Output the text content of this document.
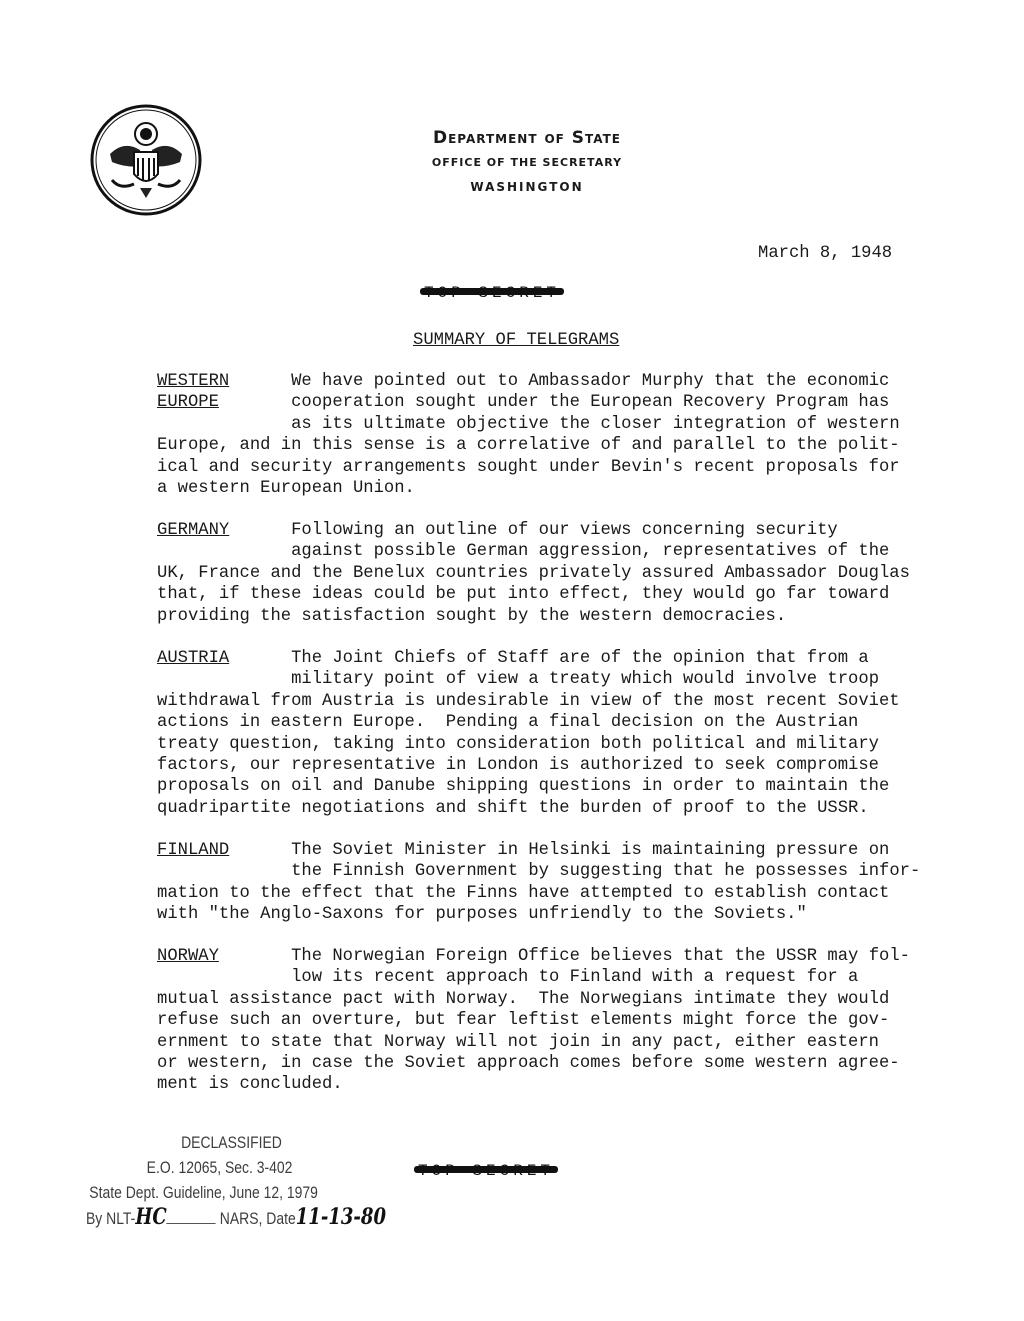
Department of State
OFFICE OF THE SECRETARY
WASHINGTON
March 8, 1948
SUMMARY OF TELEGRAMS
WESTERN	We have pointed out to Ambassador Murphy that the economic
EUROPE	cooperation sought under the European Recovery Program has
as its ultimate objective the closer integration of western
Europe, and in this sense is a correlative of and parallel to the polit-
ical and security arrangements sought under Bevin's recent proposals for
a western European Union.
GERMANY	Following an outline of our views concerning security
against possible German aggression, representatives of the
UK, France and the Benelux countries privately assured Ambassador Douglas
that, if these ideas could be put into effect, they would go far toward
providing the satisfaction sought by the western democracies.
AUSTRIA	The Joint Chiefs of Staff are of the opinion that from a
military point of view a treaty which would involve troop
withdrawal from Austria is undesirable in view of the most recent Soviet
actions in eastern Europe.  Pending a final decision on the Austrian
treaty question, taking into consideration both political and military
factors, our representative in London is authorized to seek compromise
proposals on oil and Danube shipping questions in order to maintain the
quadripartite negotiations and shift the burden of proof to the USSR.
FINLAND	The Soviet Minister in Helsinki is maintaining pressure on
the Finnish Government by suggesting that he possesses infor-
mation to the effect that the Finns have attempted to establish contact
with "the Anglo-Saxons for purposes unfriendly to the Soviets."
NORWAY	The Norwegian Foreign Office believes that the USSR may fol-
low its recent approach to Finland with a request for a
mutual assistance pact with Norway.  The Norwegians intimate they would
refuse such an overture, but fear leftist elements might force the gov-
ernment to state that Norway will not join in any pact, either eastern
or western, in case the Soviet approach comes before some western agree-
ment is concluded.
DECLASSIFIED
E.O. 12065, Sec. 3-402
State Dept. Guideline, June 12, 1979
By NLT-HC	NARS, Date11-13-80
